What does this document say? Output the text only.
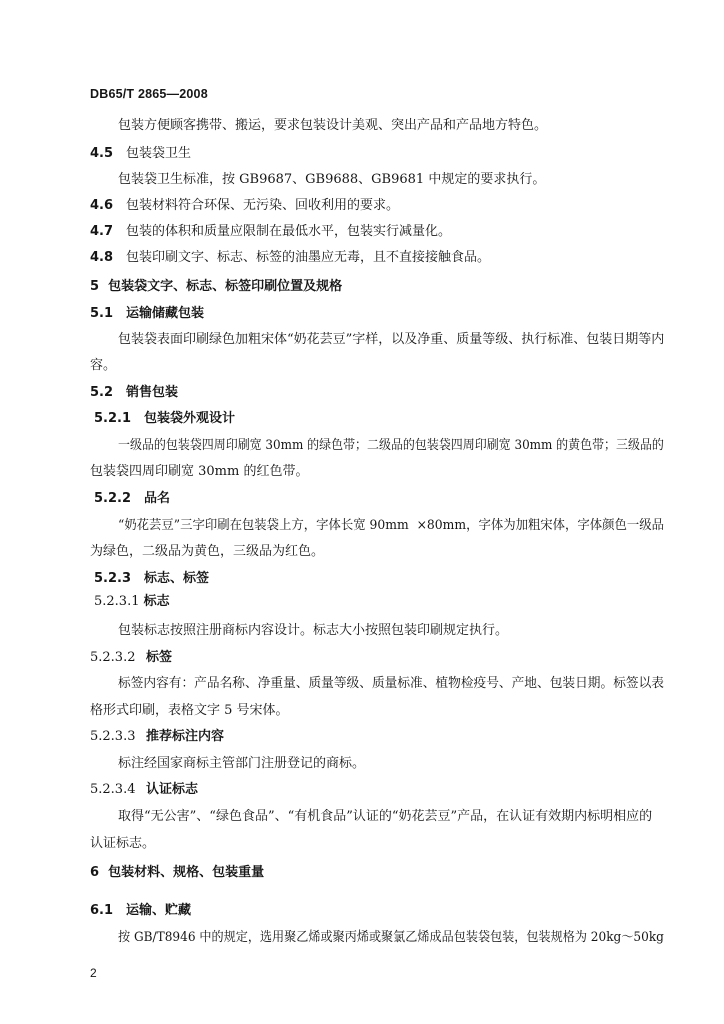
DB65/T 2865—2008
包装方便顾客携带、搬运，要求包装设计美观、突出产品和产品地方特色。
4.5 包装袋卫生
包装袋卫生标准，按 GB9687、GB9688、GB9681 中规定的要求执行。
4.6 包装材料符合环保、无污染、回收利用的要求。
4.7 包装的体积和质量应限制在最低水平，包装实行减量化。
4.8 包装印刷文字、标志、标签的油墨应无毒，且不直接接触食品。
5  包装袋文字、标志、标签印刷位置及规格
5.1 运输储藏包装
包装袋表面印刷绿色加粗宋体“奶花芸豆”字样，以及净重、质量等级、执行标准、包装日期等内
容。
5.2 销售包装
5.2.1 包装袋外观设计
一级品的包装袋四周印刷宽 30mm 的绿色带；二级品的包装袋四周印刷宽 30mm 的黄色带；三级品的
包装袋四周印刷宽 30mm 的红色带。
5.2.2 品名
“奶花芸豆”三字印刷在包装袋上方，字体长宽 90mm  ×80mm，字体为加粗宋体，字体颜色一级品
为绿色，二级品为黄色，三级品为红色。
5.2.3 标志、标签
5.2.3.1 标志
包装标志按照注册商标内容设计。标志大小按照包装印刷规定执行。
5.2.3.2 标签
标签内容有：产品名称、净重量、质量等级、质量标准、植物检疫号、产地、包装日期。标签以表
格形式印刷，表格文字 5 号宋体。
5.2.3.3 推荐标注内容
标注经国家商标主管部门注册登记的商标。
5.2.3.4 认证标志
取得“无公害”、“绿色食品”、“有机食品”认证的“奶花芸豆”产品，在认证有效期内标明相应的
认证标志。
6  包装材料、规格、包装重量
6.1 运输、贮藏
按 GB/T8946 中的规定，选用聚乙烯或聚丙烯或聚氯乙烯成品包装袋包装，包装规格为 20kg～50kg
2
